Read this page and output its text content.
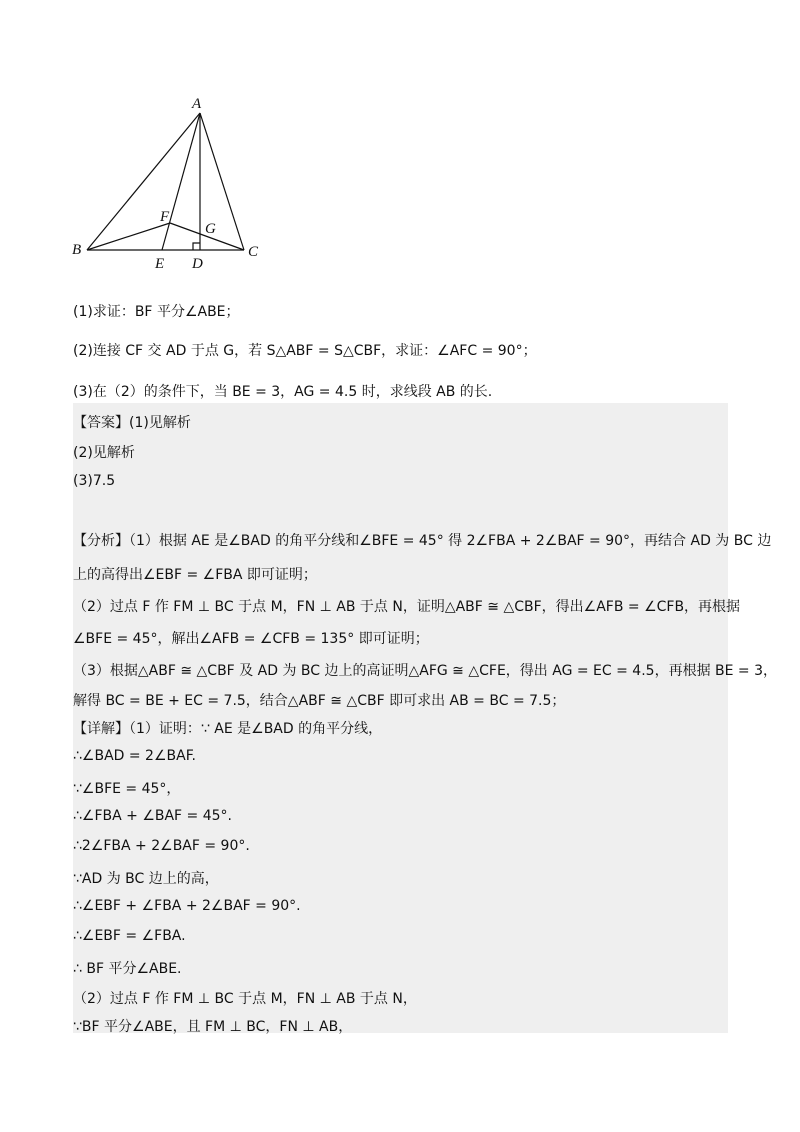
A
B	C
D
E
F
G
(1)求证：BF 平分∠ABE；
(2)连接 CF 交 AD 于点 G，若 S△ABF = S△CBF，求证：∠AFC = 90°；
(3)在（2）的条件下，当 BE = 3，AG = 4.5 时，求线段 AB 的长.
【答案】(1)见解析
(2)见解析
(3)7.5
【分析】（1）根据 AE 是∠BAD 的角平分线和∠BFE = 45° 得 2∠FBA + 2∠BAF = 90°，再结合 AD 为 BC 边
上的高得出∠EBF = ∠FBA 即可证明；
（2）过点 F 作 FM ⊥ BC 于点 M，FN ⊥ AB 于点 N，证明△ABF ≅ △CBF，得出∠AFB = ∠CFB，再根据
∠BFE = 45°，解出∠AFB = ∠CFB = 135° 即可证明；
（3）根据△ABF ≅ △CBF 及 AD 为 BC 边上的高证明△AFG ≅ △CFE，得出 AG = EC = 4.5，再根据 BE = 3，
解得 BC = BE + EC = 7.5，结合△ABF ≅ △CBF 即可求出 AB = BC = 7.5；
【详解】（1）证明：∵ AE 是∠BAD 的角平分线，
∴∠BAD = 2∠BAF.
∵∠BFE = 45°，
∴∠FBA + ∠BAF = 45°.
∴2∠FBA + 2∠BAF = 90°.
∵AD 为 BC 边上的高，
∴∠EBF + ∠FBA + 2∠BAF = 90°.
∴∠EBF = ∠FBA.
∴ BF 平分∠ABE.
（2）过点 F 作 FM ⊥ BC 于点 M，FN ⊥ AB 于点 N，
∵BF 平分∠ABE，且 FM ⊥ BC，FN ⊥ AB，
